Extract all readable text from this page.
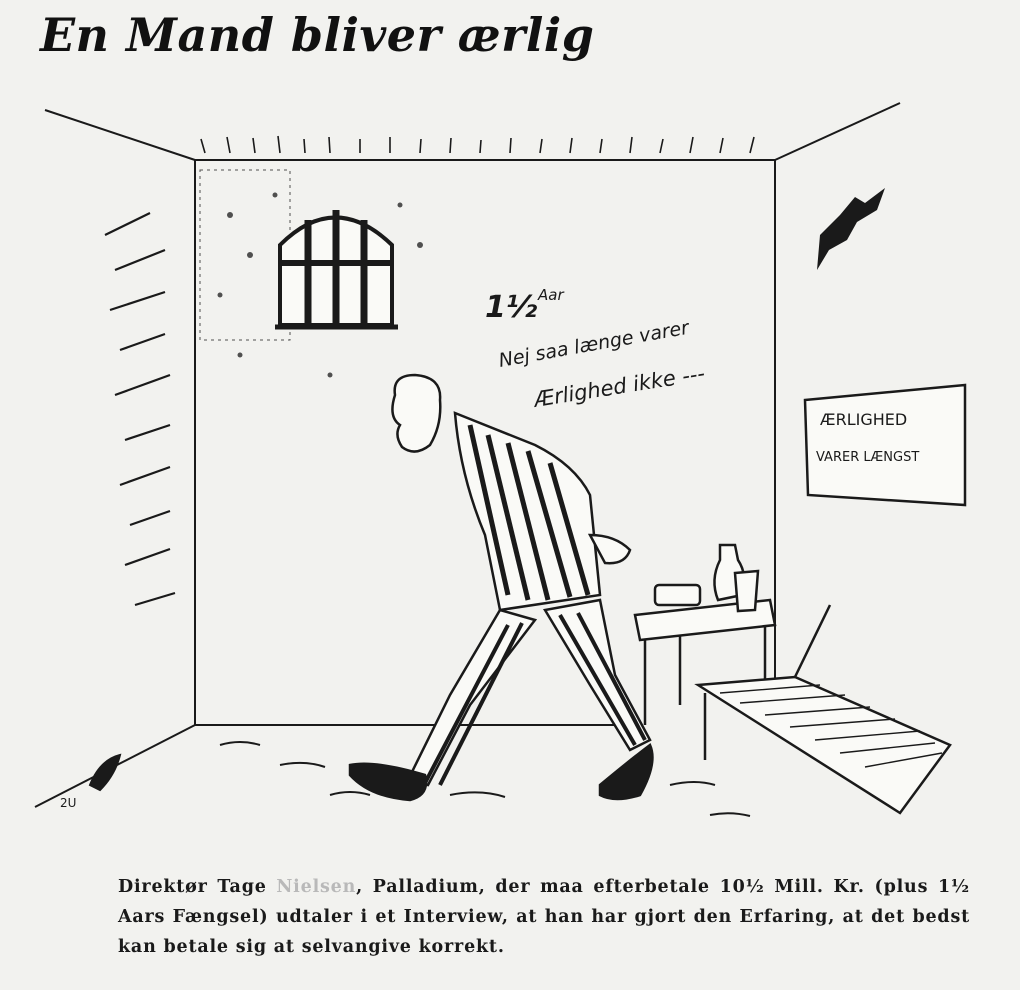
En Mand bliver ærlig
1½ Aar
Nej saa længe varer
Ærlighed ikke ---
ÆRLIGHED
VARER LÆNGST
2U
Direktør Tage Nielsen, Palladium, der maa efterbetale 10½ Mill. Kr. (plus 1½ Aars Fængsel) udtaler i et Interview, at han har gjort den Erfaring, at det bedst kan betale sig at selvangive korrekt.
